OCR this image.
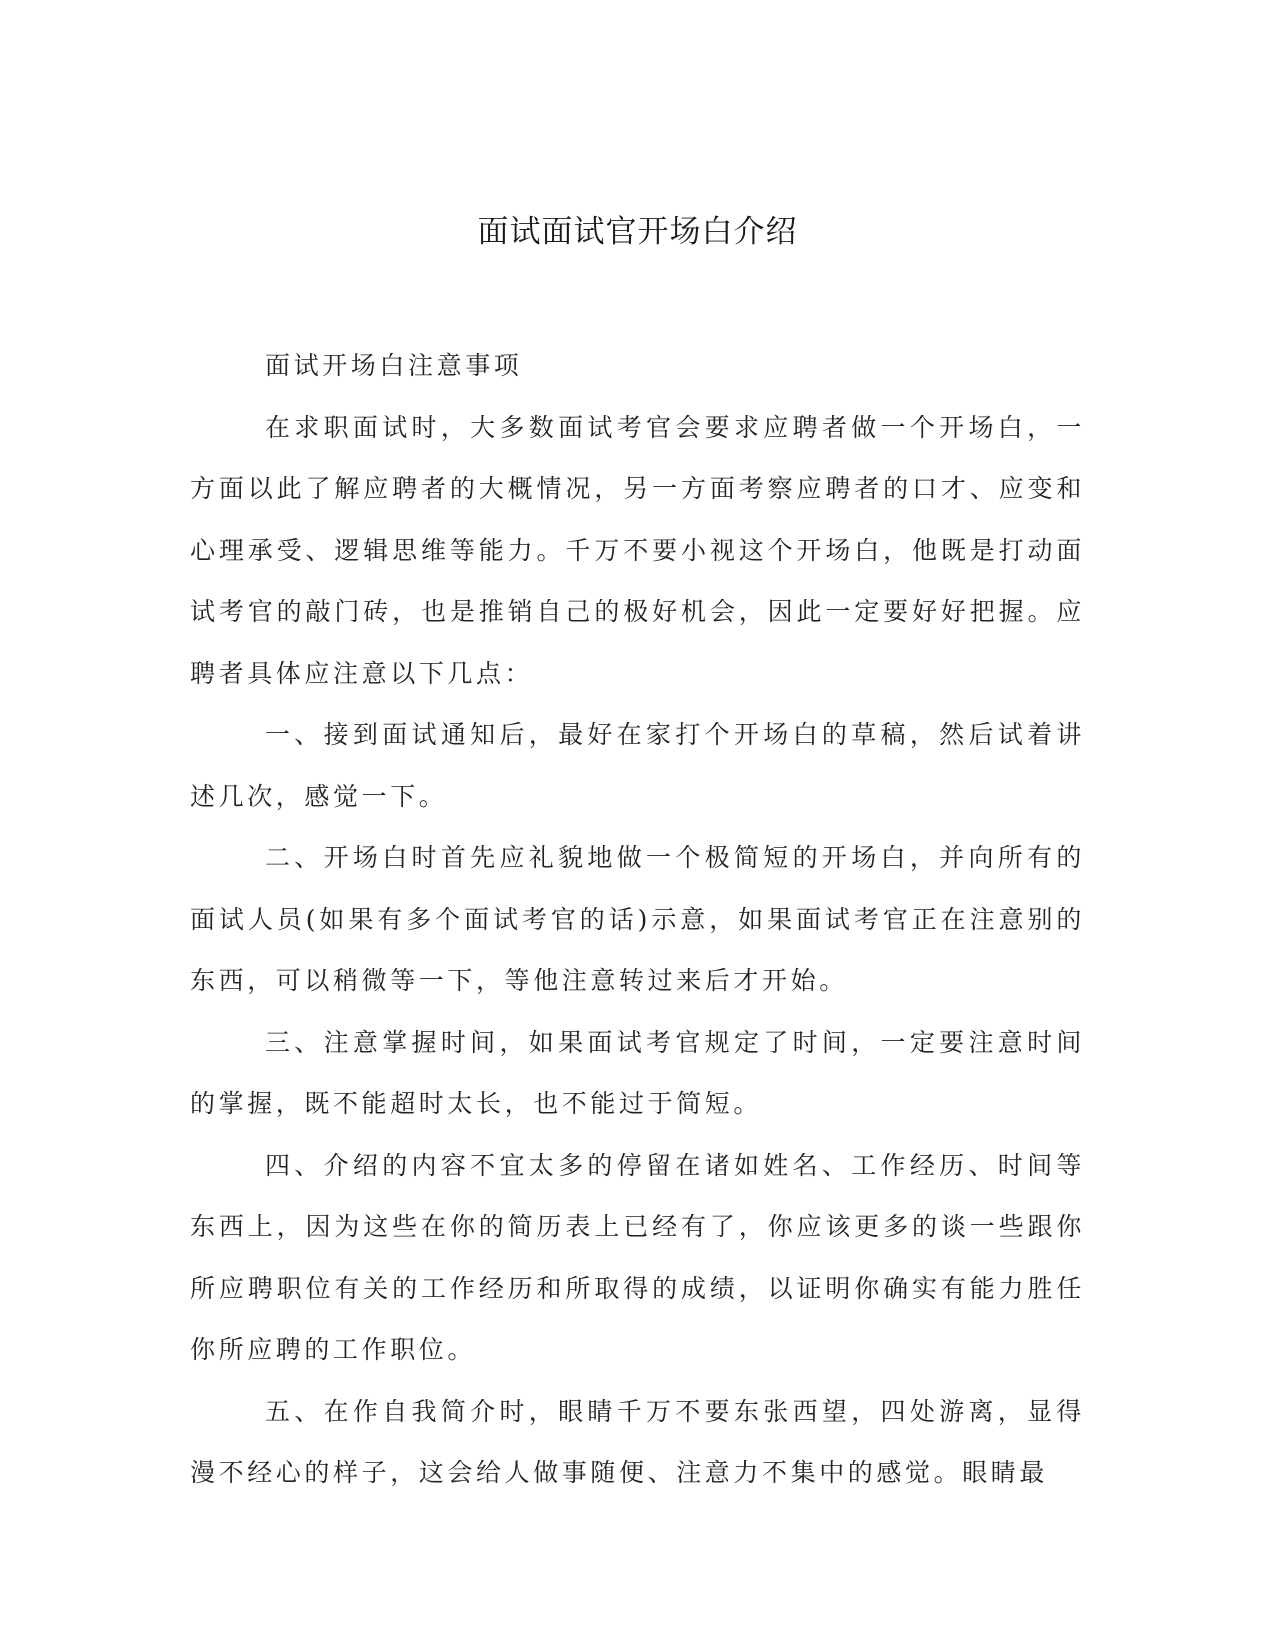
面试面试官开场白介绍

面试开场白注意事项

在求职面试时，大多数面试考官会要求应聘者做一个开场白，一方面以此了解应聘者的大概情况，另一方面考察应聘者的口才、应变和心理承受、逻辑思维等能力。千万不要小视这个开场白，他既是打动面试考官的敲门砖，也是推销自己的极好机会，因此一定要好好把握。应聘者具体应注意以下几点：

一、接到面试通知后，最好在家打个开场白的草稿，然后试着讲述几次，感觉一下。

二、开场白时首先应礼貌地做一个极简短的开场白，并向所有的面试人员(如果有多个面试考官的话)示意，如果面试考官正在注意别的东西，可以稍微等一下，等他注意转过来后才开始。

三、注意掌握时间，如果面试考官规定了时间，一定要注意时间的掌握，既不能超时太长，也不能过于简短。

四、介绍的内容不宜太多的停留在诸如姓名、工作经历、时间等东西上，因为这些在你的简历表上已经有了，你应该更多的谈一些跟你所应聘职位有关的工作经历和所取得的成绩，以证明你确实有能力胜任你所应聘的工作职位。

五、在作自我简介时，眼睛千万不要东张西望，四处游离，显得漫不经心的样子，这会给人做事随便、注意力不集中的感觉。眼睛最
